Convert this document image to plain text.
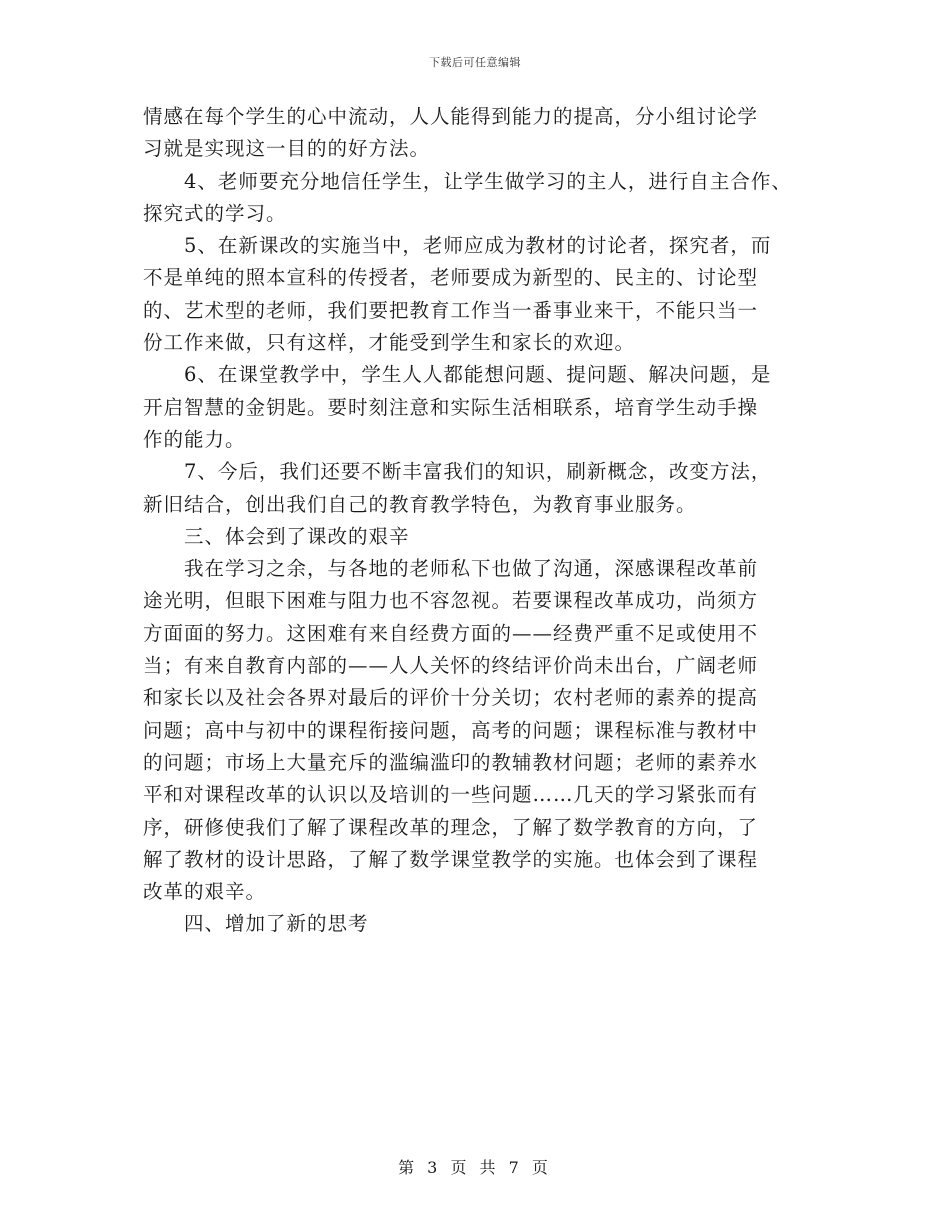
下载后可任意编辑
情感在每个学生的心中流动，人人能得到能力的提高，分小组讨论学
习就是实现这一目的的好方法。
4、老师要充分地信任学生，让学生做学习的主人，进行自主合作、
探究式的学习。
5、在新课改的实施当中，老师应成为教材的讨论者，探究者，而
不是单纯的照本宣科的传授者，老师要成为新型的、民主的、讨论型
的、艺术型的老师，我们要把教育工作当一番事业来干，不能只当一
份工作来做，只有这样，才能受到学生和家长的欢迎。
6、在课堂教学中，学生人人都能想问题、提问题、解决问题，是
开启智慧的金钥匙。要时刻注意和实际生活相联系，培育学生动手操
作的能力。
7、今后，我们还要不断丰富我们的知识，刷新概念，改变方法，
新旧结合，创出我们自己的教育教学特色，为教育事业服务。
三、体会到了课改的艰辛
我在学习之余，与各地的老师私下也做了沟通，深感课程改革前
途光明，但眼下困难与阻力也不容忽视。若要课程改革成功，尚须方
方面面的努力。这困难有来自经费方面的——经费严重不足或使用不
当；有来自教育内部的——人人关怀的终结评价尚未出台，广阔老师
和家长以及社会各界对最后的评价十分关切；农村老师的素养的提高
问题；高中与初中的课程衔接问题，高考的问题；课程标准与教材中
的问题；市场上大量充斥的滥编滥印的教辅教材问题；老师的素养水
平和对课程改革的认识以及培训的一些问题……几天的学习紧张而有
序，研修使我们了解了课程改革的理念，了解了数学教育的方向，了
解了教材的设计思路，了解了数学课堂教学的实施。也体会到了课程
改革的艰辛。
四、增加了新的思考
第 3 页 共 7 页
